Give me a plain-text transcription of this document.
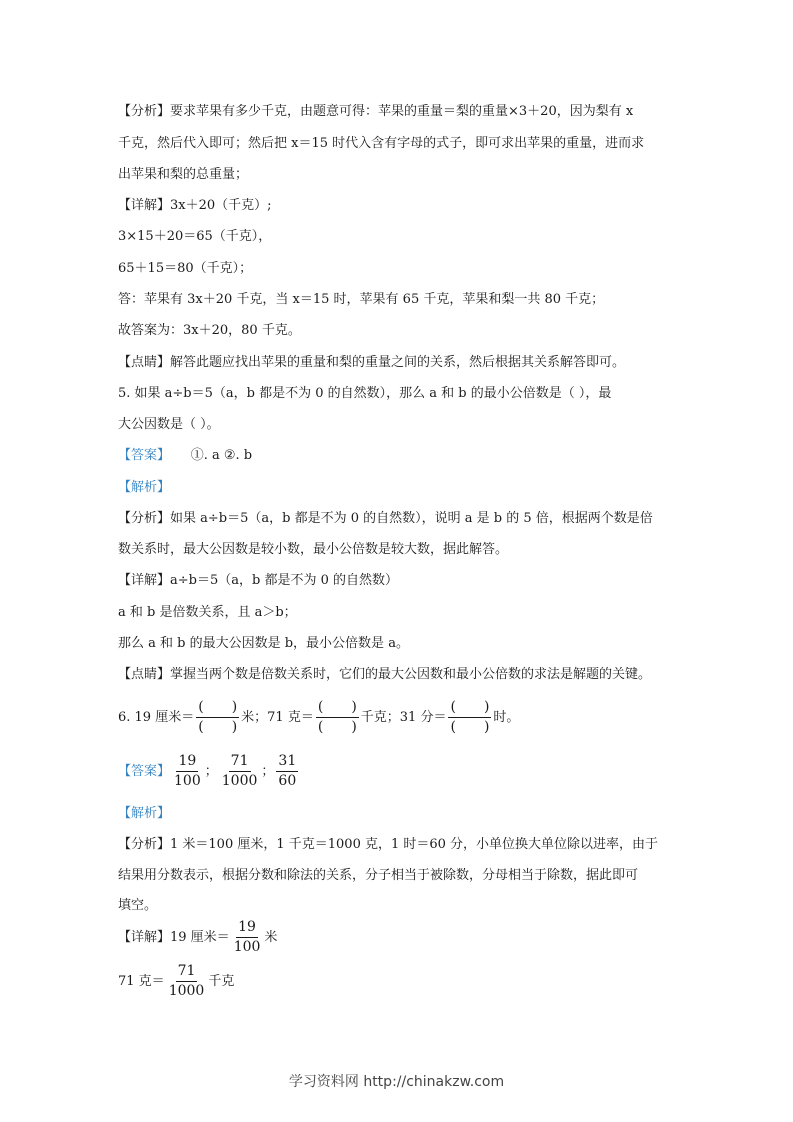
【分析】要求苹果有多少千克，由题意可得：苹果的重量＝梨的重量×3＋20，因为梨有 x
千克，然后代入即可；然后把 x＝15 时代入含有字母的式子，即可求出苹果的重量，进而求
出苹果和梨的总重量；
【详解】3x＋20（千克）;
3×15＋20＝65（千克），
65＋15＝80（千克）；
答：苹果有 3x＋20 千克，当 x＝15 时，苹果有 65 千克，苹果和梨一共 80 千克；
故答案为：3x＋20，80 千克。
【点睛】解答此题应找出苹果的重量和梨的重量之间的关系，然后根据其关系解答即可。
5. 如果 a÷b＝5（a，b 都是不为 0 的自然数），那么 a 和 b 的最小公倍数是（ ），最
大公因数是（ ）。
【答案】 ①. a ②. b
【解析】
【分析】如果 a÷b＝5（a，b 都是不为 0 的自然数），说明 a 是 b 的 5 倍，根据两个数是倍
数关系时，最大公因数是较小数，最小公倍数是较大数，据此解答。
【详解】a÷b＝5（a，b 都是不为 0 的自然数）
a 和 b 是倍数关系，且 a＞b；
那么 a 和 b 的最大公因数是 b，最小公倍数是 a。
【点睛】掌握当两个数是倍数关系时，它们的最大公因数和最小公倍数的求法是解题的关键。
6. 19 厘米＝ $\frac{( )}{( )}$ 米；71 克＝ $\frac{( )}{( )}$ 千克；31 分＝ $\frac{( )}{( )}$ 时。
【答案】 $\frac{19}{100}$ ； $\frac{71}{1000}$ ； $\frac{31}{60}$
【解析】
【分析】1 米＝100 厘米，1 千克＝1000 克，1 时＝60 分，小单位换大单位除以进率，由于
结果用分数表示，根据分数和除法的关系，分子相当于被除数，分母相当于除数，据此即可
填空。
【详解】19 厘米＝ $\frac{19}{100}$ 米
71 克＝ $\frac{71}{1000}$ 千克
学习资料网 http://chinakzw.com
